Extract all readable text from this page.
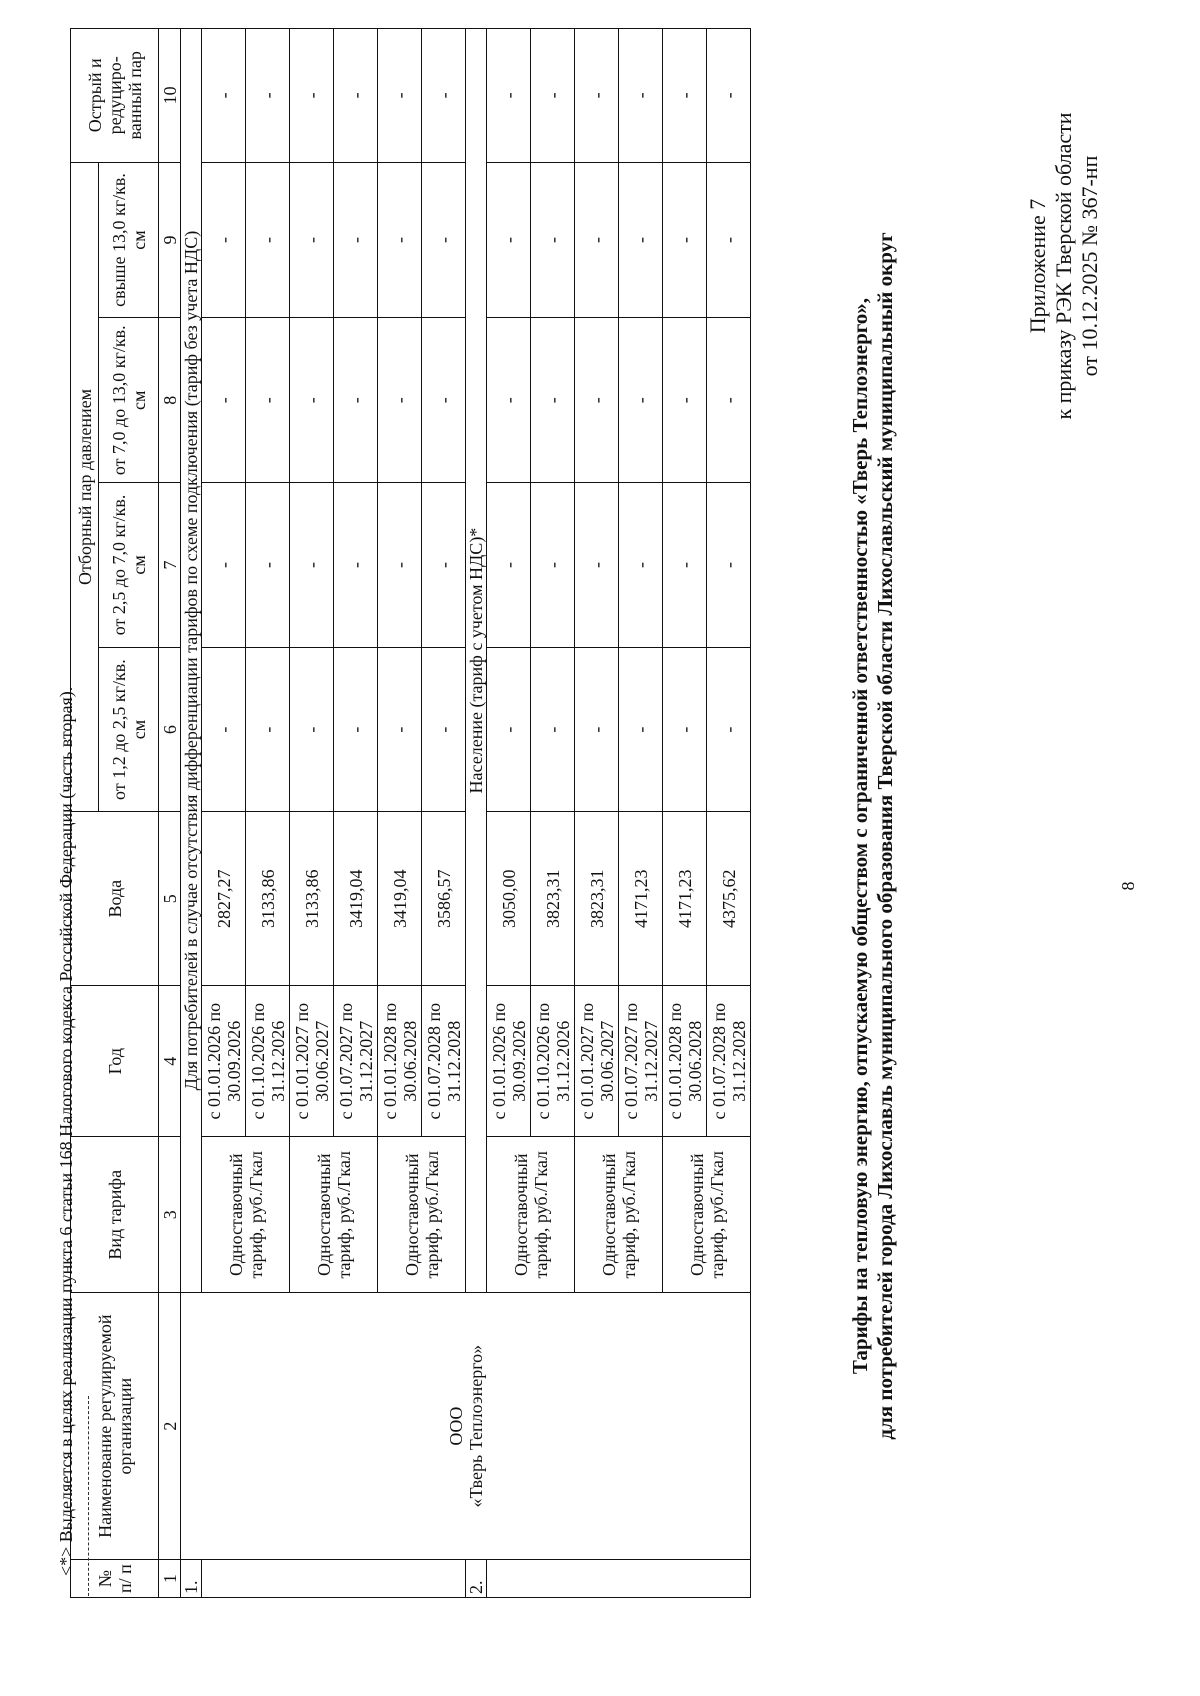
8
Приложение 7 к приказу РЭК Тверской области от 10.12.2025 № 367-нп
Тарифы на тепловую энергию, отпускаемую обществом с ограниченной ответственностью «Тверь Теплоэнерго», для потребителей города Лихославль муниципального образования Тверской области Лихославльский муниципальный округ
№ п/ п	Наименование регулируемой организации	Вид тарифа	Год	Вода	Отборный пар давлением				Острый и редуциро- ванный пар
					от 1,2 до 2,5 кг/кв. см	от 2,5 до 7,0 кг/кв. см	от 7,0 до 13,0 кг/кв. см	свыше 13,0 кг/кв. см	
1	2	3	4	5	6	7	8	9	10
1.	ООО «Тверь Теплоэнерго»	Для потребителей в случае отсутствия дифференциации тарифов по схеме подключения (тариф без учета НДС)							
		Одноставочный тариф, руб./Гкал	с 01.01.2026 по 30.09.2026	2827,27	-	-	-	-	-
			с 01.10.2026 по 31.12.2026	3133,86	-	-	-	-	-
		Одноставочный тариф, руб./Гкал	с 01.01.2027 по 30.06.2027	3133,86	-	-	-	-	-
			с 01.07.2027 по 31.12.2027	3419,04	-	-	-	-	-
		Одноставочный тариф, руб./Гкал	с 01.01.2028 по 30.06.2028	3419,04	-	-	-	-	-
			с 01.07.2028 по 31.12.2028	3586,57	-	-	-	-	-
2.		Население (тариф с учетом НДС)*							
		Одноставочный тариф, руб./Гкал	с 01.01.2026 по 30.09.2026	3050,00	-	-	-	-	-
			с 01.10.2026 по 31.12.2026	3823,31	-	-	-	-	-
		Одноставочный тариф, руб./Гкал	с 01.01.2027 по 30.06.2027	3823,31	-	-	-	-	-
			с 01.07.2027 по 31.12.2027	4171,23	-	-	-	-	-
		Одноставочный тариф, руб./Гкал	с 01.01.2028 по 30.06.2028	4171,23	-	-	-	-	-
			с 01.07.2028 по 31.12.2028	4375,62	-	-	-	-	-
<*> Выделяется в целях реализации пункта 6 статьи 168 Налогового кодекса Российской Федерации (часть вторая).
